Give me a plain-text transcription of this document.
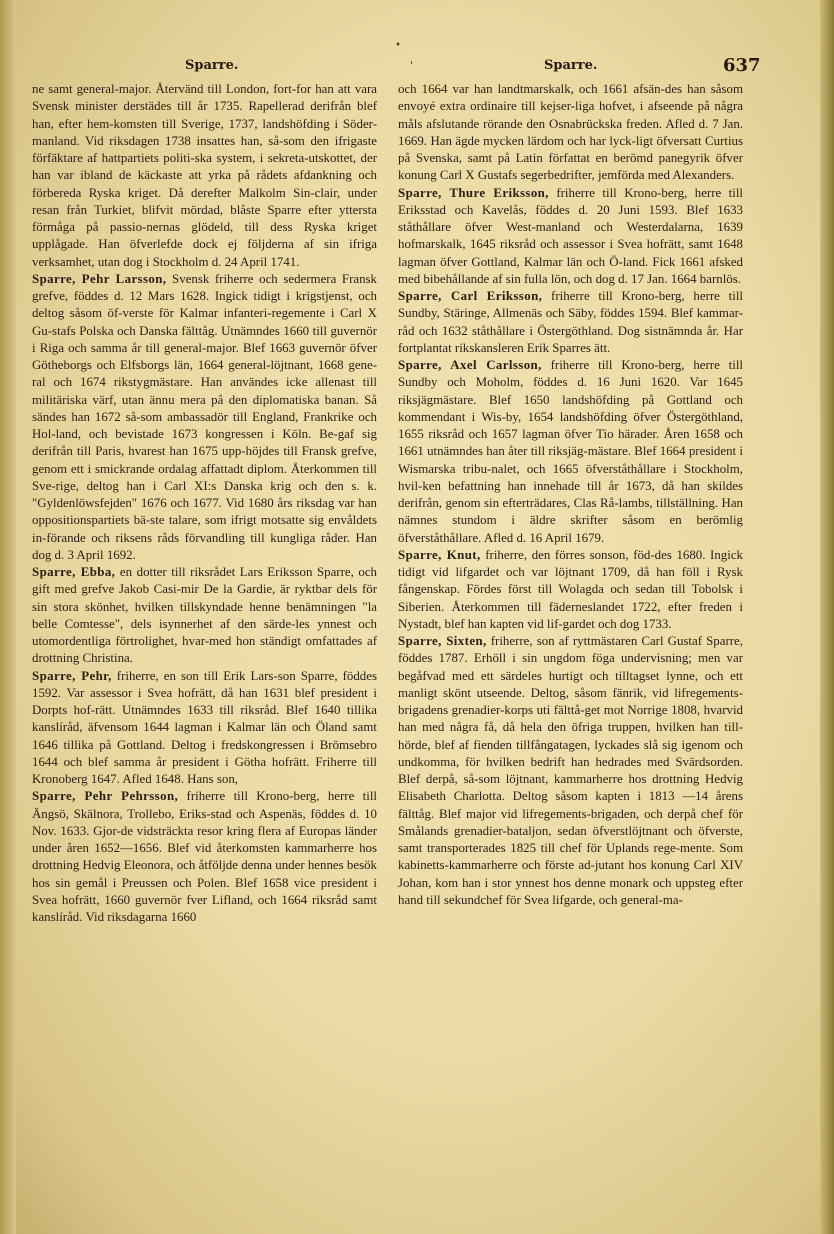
Sparre.	Sparre.	637
•
'

ne samt general-major. Återvänd till London, fort-for han att vara Svensk minister derstädes till år 1735. Rapellerad derifrån blef han, efter hem-komsten till Sverige, 1737, landshöfding i Söder-manland. Vid riksdagen 1738 insattes han, så-som den ifrigaste förfäktare af hattpartiets politi-ska system, i sekreta-utskottet, der han var ibland de käckaste att yrka på rådets afdankning och förbereda Ryska kriget. Då derefter Malkolm Sin-clair, under resan från Turkiet, blifvit mördad, blåste Sparre efter yttersta förmåga på passio-nernas glödeld, till dess Ryska kriget upplågade. Han öfverlefde dock ej följderna af sin ifriga verksamhet, utan dog i Stockholm d. 24 April 1741.

Sparre, Pehr Larsson, Svensk friherre och sedermera Fransk grefve, föddes d. 12 Mars 1628. Ingick tidigt i krigstjenst, och deltog såsom öf-verste för Kalmar infanteri-regemente i Carl X Gu-stafs Polska och Danska fälttåg. Utnämndes 1660 till guvernör i Riga och samma år till general-major. Blef 1663 guvernör öfver Götheborgs och Elfsborgs län, 1664 general-löjtnant, 1668 gene-ral och 1674 rikstygmästare. Han användes icke allenast till militäriska värf, utan ännu mera på den diplomatiska banan. Så sändes han 1672 så-som ambassadör till England, Frankrike och Hol-land, och bevistade 1673 kongressen i Köln. Be-gaf sig derifrån till Paris, hvarest han 1675 upp-höjdes till Fransk grefve, genom ett i smickrande ordalag affattadt diplom. Återkommen till Sve-rige, deltog han i Carl XI:s Danska krig och den s. k. "Gyldenlöwsfejden" 1676 och 1677. Vid 1680 års riksdag var han oppositionspartiets bä-ste talare, som ifrigt motsatte sig envåldets in-förande och riksens råds förvandling till kungliga råder. Han dog d. 3 April 1692.

Sparre, Ebba, en dotter till riksrådet Lars Eriksson Sparre, och gift med grefve Jakob Casi-mir De la Gardie, är ryktbar dels för sin stora skönhet, hvilken tillskyndade henne benämningen "la belle Comtesse", dels isynnerhet af den särde-les ynnest och utomordentliga förtrolighet, hvar-med hon ständigt omfattades af drottning Christina.

Sparre, Pehr, friherre, en son till Erik Lars-son Sparre, föddes 1592. Var assessor i Svea hofrätt, då han 1631 blef president i Dorpts hof-rätt. Utnämndes 1633 till riksråd. Blef 1640 tillika kanslíråd, äfvensom 1644 lagman i Kalmar län och Öland samt 1646 tillika på Gottland. Deltog i fredskongressen i Brömsebro 1644 och blef samma år president i Götha hofrätt. Friherre till Kronoberg 1647. Afled 1648. Hans son,

Sparre, Pehr Pehrsson, friherre till Krono-berg, herre till Ängsö, Skälnora, Trollebo, Eriks-stad och Aspenäs, föddes d. 10 Nov. 1633. Gjor-de vidsträckta resor kring flera af Europas länder under åren 1652—1656. Blef vid återkomsten kammarherre hos drottning Hedvig Eleonora, och åtföljde denna under hennes besök hos sin gemål i Preussen och Polen. Blef 1658 vice president i Svea hofrätt, 1660 guvernör fver Lifland, och 1664 riksråd samt kanslíråd. Vid riksdagarna 1660

och 1664 var han landtmarskalk, och 1661 afsän-des han såsom envoyé extra ordinaire till kejser-liga hofvet, i afseende på några måls afslutande rörande den Osnabrückska freden. Afled d. 7 Jan. 1669. Han ägde mycken lärdom och har lyck-ligt öfversatt Curtius på Svenska, samt på Latin författat en berömd panegyrik öfver konung Carl X Gustafs segerbedrifter, jemförda med Alexanders.

Sparre, Thure Eriksson, friherre till Krono-berg, herre till Eriksstad och Kavelås, föddes d. 20 Juni 1593. Blef 1633 ståthållare öfver West-manland och Westerdalarna, 1639 hofmarskalk, 1645 riksråd och assessor i Svea hofrätt, samt 1648 lagman öfver Gottland, Kalmar län och Ö-land. Fick 1661 afsked med bibehållande af sin fulla lön, och dog d. 17 Jan. 1664 barnlös.

Sparre, Carl Eriksson, friherre till Krono-berg, herre till Sundby, Stäringe, Allmenäs och Säby, föddes 1594. Blef kammar-råd och 1632 ståthållare i Östergöthland. Dog sistnämnda år. Har fortplantat rikskansleren Erik Sparres ätt.

Sparre, Axel Carlsson, friherre till Krono-berg, herre till Sundby och Moholm, föddes d. 16 Juni 1620. Var 1645 riksjägmästare. Blef 1650 landshöfding på Gottland och kommendant i Wis-by, 1654 landshöfding öfver Östergöthland, 1655 riksråd och 1657 lagman öfver Tio härader. Åren 1658 och 1661 utnämndes han åter till riksjäg-mästare. Blef 1664 president i Wismarska tribu-nalet, och 1665 öfverståthållare i Stockholm, hvil-ken befattning han innehade till år 1673, då han skildes derifrån, genom sin efterträdares, Clas Rå-lambs, tillställning. Han nämnes stundom i äldre skrifter såsom en berömlig öfverståthållare. Afled d. 16 April 1679.

Sparre, Knut, friherre, den förres sonson, föd-des 1680. Ingick tidigt vid lifgardet och var löjtnant 1709, då han föll i Rysk fångenskap. Fördes först till Wolagda och sedan till Tobolsk i Siberien. Återkommen till fäderneslandet 1722, efter freden i Nystadt, blef han kapten vid lif-gardet och dog 1733.

Sparre, Sixten, friherre, son af ryttmästaren Carl Gustaf Sparre, föddes 1787. Erhöll i sin ungdom föga undervisning; men var begåfvad med ett särdeles hurtigt och tilltagset lynne, och ett manligt skönt utseende. Deltog, såsom fänrik, vid lifregements-brigadens grenadier-korps uti fälttå-get mot Norrige 1808, hvarvid han med några få, då hela den öfriga truppen, hvilken han till-hörde, blef af fienden tillfångatagen, lyckades slå sig igenom och undkomma, för hvilken bedrift han hedrades med Svärdsorden. Blef derpå, så-som löjtnant, kammarherre hos drottning Hedvig Elisabeth Charlotta. Deltog såsom kapten i 1813 —14 årens fälttåg. Blef major vid lifregements-brigaden, och derpå chef för Smålands grenadier-bataljon, sedan öfverstlöjtnant och öfverste, samt transporterades 1825 till chef för Uplands rege-mente. Som kabinetts-kammarherre och förste ad-jutant hos konung Carl XIV Johan, kom han i stor ynnest hos denne monark och uppsteg efter hand till sekundchef för Svea lifgarde, och general-ma-
